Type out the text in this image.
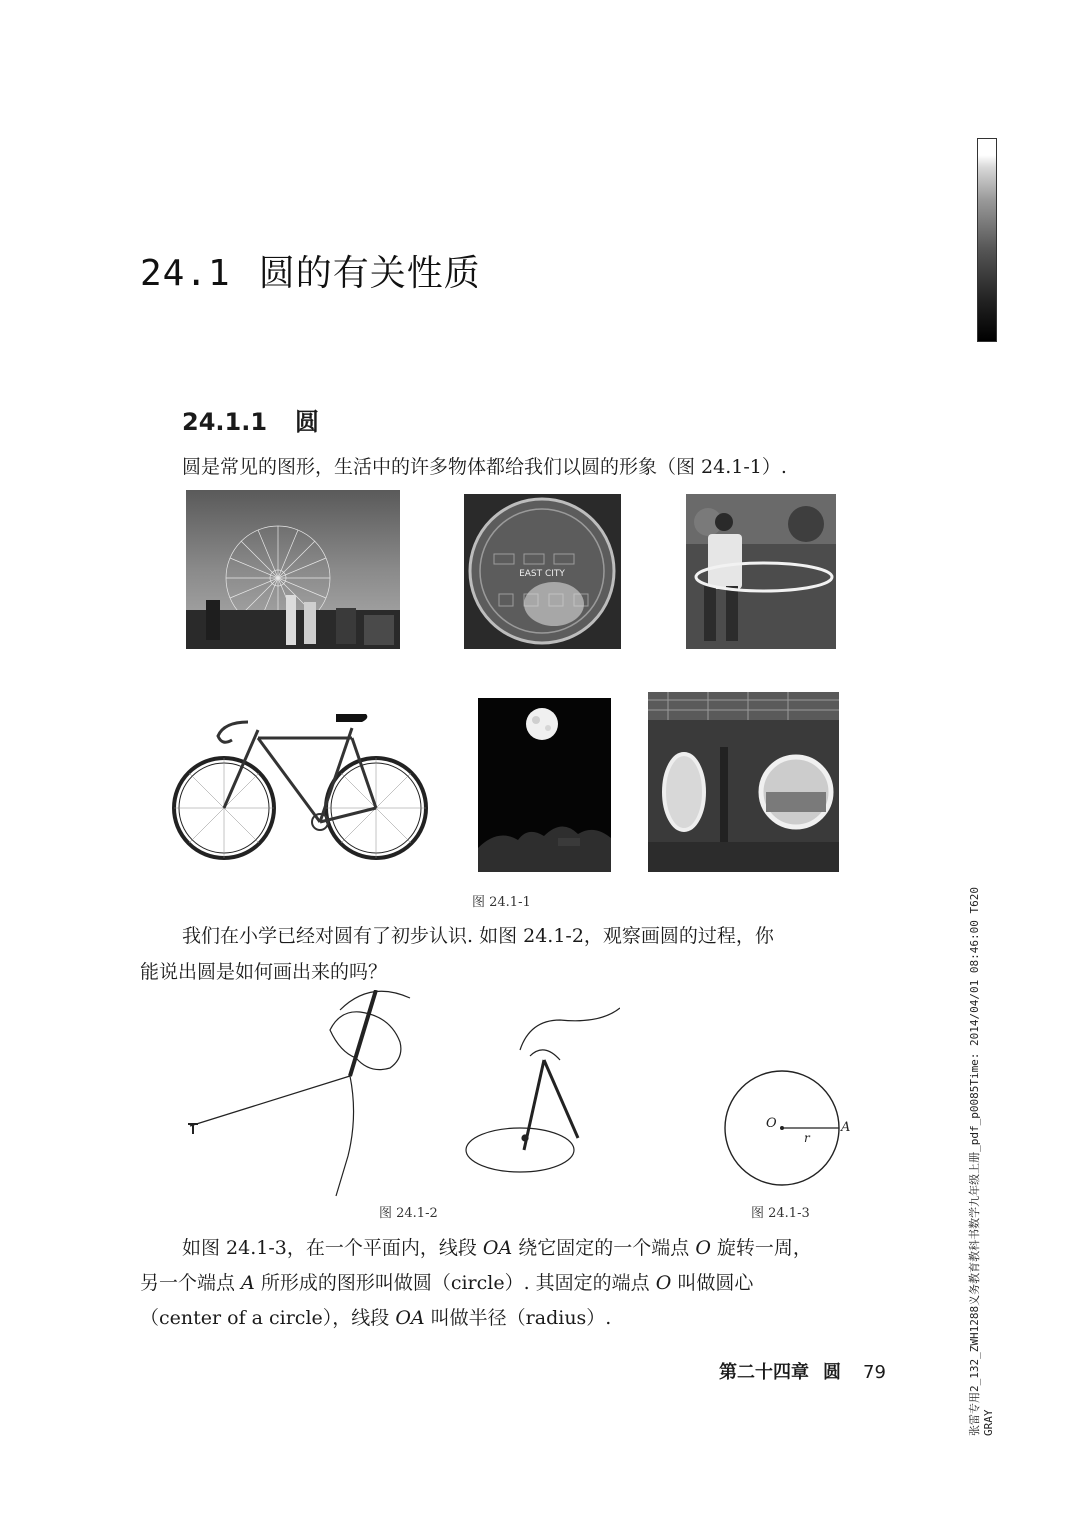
24.1 圆的有关性质
24.1.1 圆
圆是常见的图形，生活中的许多物体都给我们以圆的形象（图 24.1-1）.
EAST CITY
图 24.1-1
我们在小学已经对圆有了初步认识. 如图 24.1-2，观察画圆的过程，你
能说出圆是如何画出来的吗？
O	A
r
图 24.1-2	图 24.1-3
如图 24.1-3，在一个平面内，线段 OA 绕它固定的一个端点 O 旋转一周，
另一个端点 A 所形成的图形叫做圆（circle）. 其固定的端点 O 叫做圆心
（center of a circle），线段 OA 叫做半径（radius）.
第二十四章 圆 79	张雷专用2_132_ZWH1288义务教育教科书数学九年级上册_pdf_p0085Time: 2014/04/01 08:46:00 T620 GRAY
